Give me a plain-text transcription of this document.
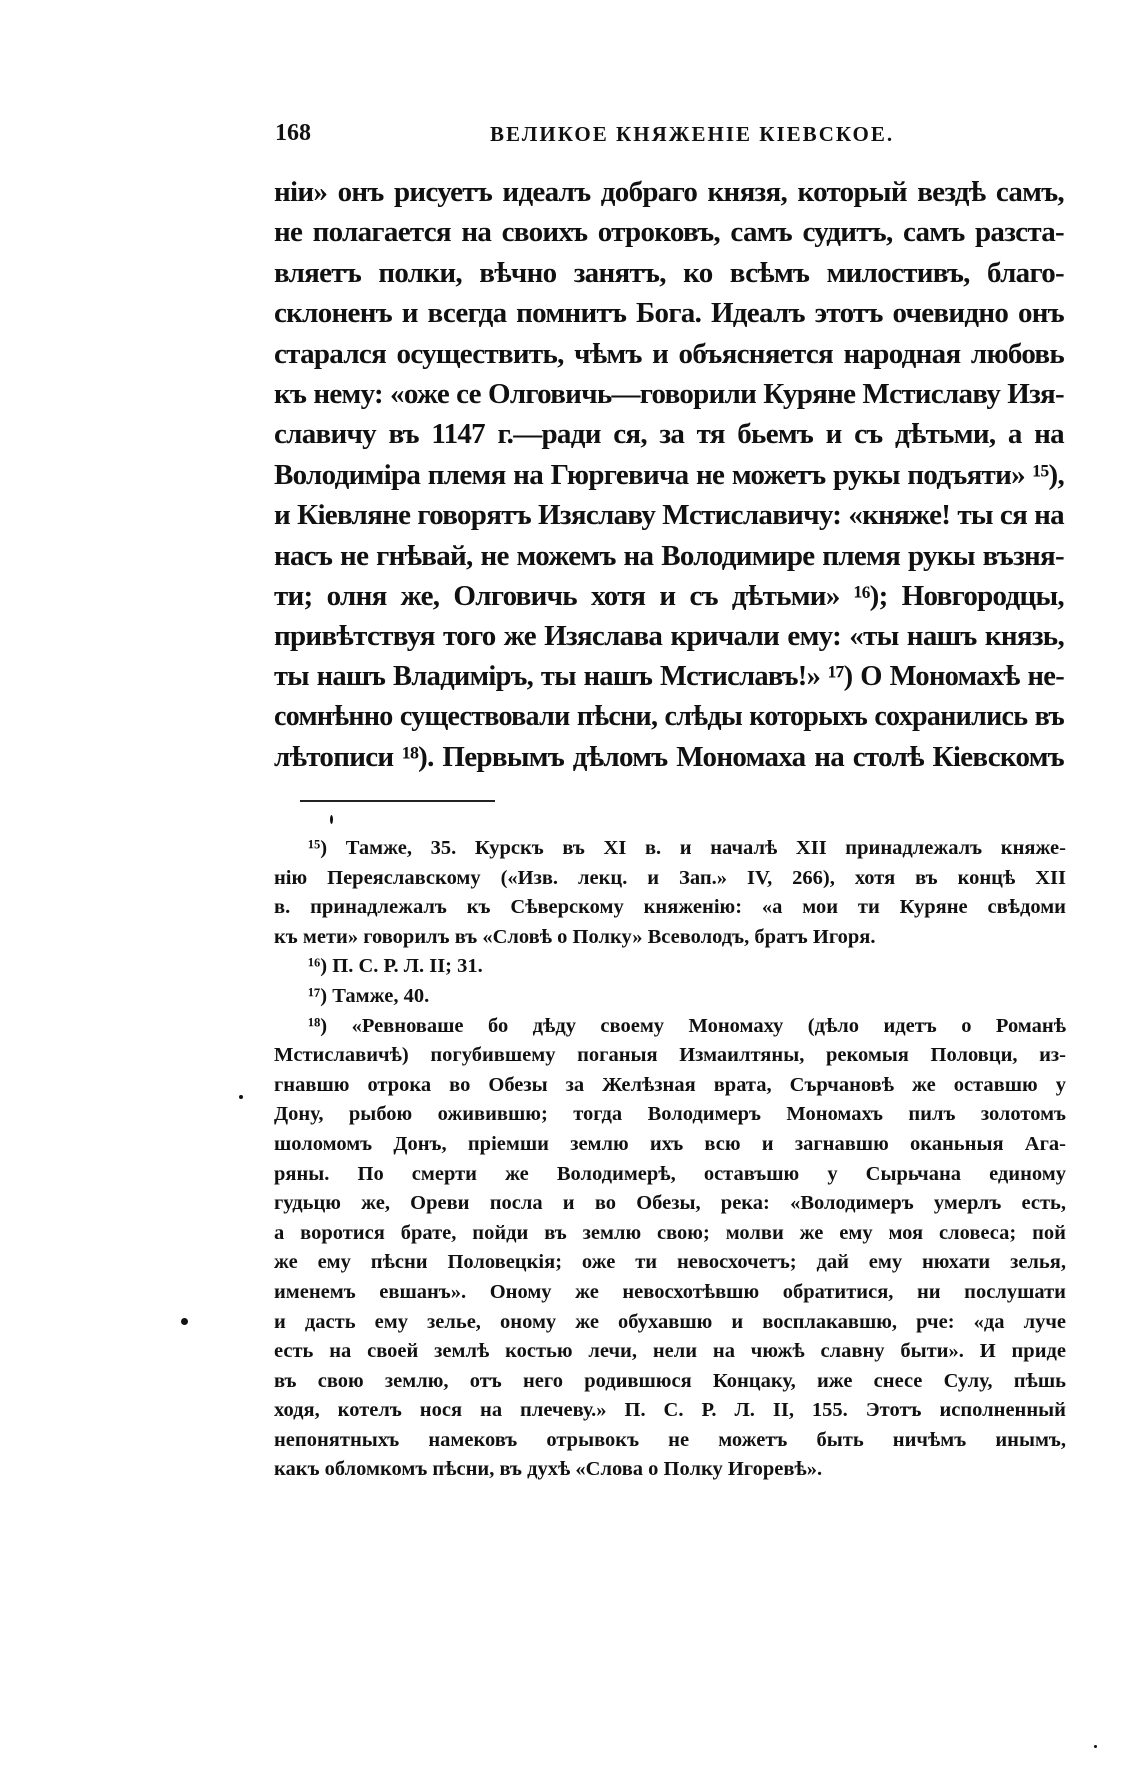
168	ВЕЛИКОЕ КНЯЖЕНІЕ КІЕВСКОЕ.
ніи» онъ рисуетъ идеалъ добраго князя, который вездѣ самъ,
не полагается на своихъ отроковъ, самъ судитъ, самъ разста-
вляетъ полки, вѣчно занятъ, ко всѣмъ милостивъ, благо-
склоненъ и всегда помнитъ Бога. Идеалъ этотъ очевидно онъ
старался осуществить, чѣмъ и объясняется народная любовь
къ нему: «оже се Олговичь—говорили Куряне Мстиславу Изя-
славичу въ 1147 г.—ради ся, за тя бьемъ и съ дѣтьми, а на
Володиміра племя на Гюргевича не можетъ рукы подъяти» ¹⁵),
и Кіевляне говорятъ Изяславу Мстиславичу: «княже! ты ся на
насъ не гнѣвай, не можемъ на Володимире племя рукы възня-
ти; олня же, Олговичь хотя и съ дѣтьми» ¹⁶); Новгородцы,
привѣтствуя того же Изяслава кричали ему: «ты нашъ князь,
ты нашъ Владиміръ, ты нашъ Мстиславъ!» ¹⁷) О Мономахѣ не-
сомнѣнно существовали пѣсни, слѣды которыхъ сохранились въ
лѣтописи ¹⁸). Первымъ дѣломъ Мономаха на столѣ Кіевскомъ
¹⁵) Тамже, 35. Курскъ въ XI в. и началѣ XII принадлежалъ княже-
нію Переяславскому («Изв. лекц. и Зап.» IV, 266), хотя въ концѣ XII
в. принадлежалъ къ Сѣверскому княженію: «а мои ти Куряне свѣдоми
къ мети» говорилъ въ «Словѣ о Полку» Всеволодъ, братъ Игоря.
¹⁶) П. С. Р. Л. II; 31.
¹⁷) Тамже, 40.
¹⁸) «Ревноваше бо дѣду своему Мономаху (дѣло идетъ о Романѣ
Мстиславичѣ) погубившему поганыя Измаилтяны, рекомыя Половци, из-
гнавшю отрока во Обезы за Желѣзная врата, Сърчановѣ же оставшю у
Дону, рыбою оживившю; тогда Володимеръ Мономахъ пилъ золотомъ
шоломомъ Донъ, пріемши землю ихъ всю и загнавшю оканьныя Ага-
ряны. По смерти же Володимерѣ, оставъшю у Сырьчана единому
гудьцю же, Ореви посла и во Обезы, река: «Володимеръ умерлъ есть,
а воротися брате, пойди въ землю свою; молви же ему моя словеса; пой
же ему пѣсни Половецкія; оже ти невосхочетъ; дай ему нюхати зелья,
именемъ евшанъ». Оному же невосхотѣвшю обратитися, ни послушати
и дасть ему зелье, оному же обухавшю и восплакавшю, рче: «да луче
есть на своей землѣ костью лечи, нели на чюжѣ славну быти». И приде
въ свою землю, отъ него родившюся Концаку, иже снесе Сулу, пѣшь
ходя, котелъ нося на плечеву.» П. С. Р. Л. II, 155. Этотъ исполненный
непонятныхъ намековъ отрывокъ не можетъ быть ничѣмъ инымъ,
какъ обломкомъ пѣсни, въ духѣ «Слова о Полку Игоревѣ».
